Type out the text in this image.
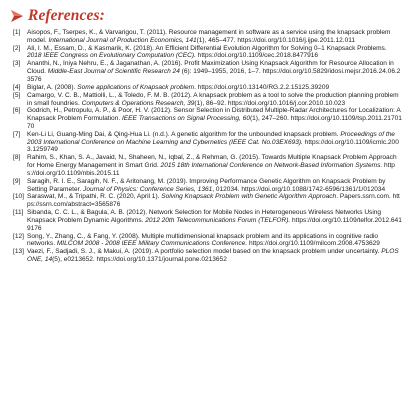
References:
[1]	Aisopos, F., Tserpes, K., & Varvarigou, T. (2011). Resource management in software as a service using the knapsack problem model. International Journal of Production Economics, 141(1), 465–477. https://doi.org/10.1016/j.ijpe.2011.12.011
[2]	Ali, I. M., Essam, D., & Kasmarik, K. (2018). An Efficient Differential Evolution Algorithm for Solving 0–1 Knapsack Problems. 2018 IEEE Congress on Evolutionary Computation (CEC). https://doi.org/10.1109/cec.2018.8477916
[3]	Ananthi, N., Iniya Nehru, E., & Jaganathan, A. (2016). Profit Maximization Using Knapsack Algorithm for Resource Allocation in Cloud. Middle-East Journal of Scientific Research 24 (6): 1949–1955, 2016, 1–7. https://doi.org/10.5829/idosi.mejsr.2016.24.06.23576
[4]	Biglar, A. (2008). Some applications of Knapsack problem. https://doi.org/10.13140/RG.2.2.15125.39209
[5]	Camargo, V. C. B., Mattiolli, L., & Toledo, F. M. B. (2012). A knapsack problem as a tool to solve the production planning problem in small foundries. Computers & Operations Research, 39(1), 86–92. https://doi.org/10.1016/j.cor.2010.10.023
[6]	Godrich, H., Petropulu, A. P., & Poor, H. V. (2012). Sensor Selection in Distributed Multiple-Radar Architectures for Localization: A Knapsack Problem Formulation. IEEE Transactions on Signal Processing, 60(1), 247–260. https://doi.org/10.1109/tsp.2011.2170170
[7]	Ken-Li Li, Guang-Ming Dai, & Qing-Hua Li. (n.d.). A genetic algorithm for the unbounded knapsack problem. Proceedings of the 2003 International Conference on Machine Learning and Cybernetics (IEEE Cat. No.03EX693). https://doi.org/10.1109/icmlc.2003.1259749
[8]	Rahim, S., Khan, S. A., Javaid, N., Shaheen, N., Iqbal, Z., & Rehman, G. (2015). Towards Multiple Knapsack Problem Approach for Home Energy Management in Smart Grid. 2015 18th International Conference on Network-Based Information Systems. https://doi.org/10.1109/nbis.2015.11
[9]	Saragih, R. I. E., Saragih, N. F., & Aritonang, M. (2019). Improving Performance Genetic Algorithm on Knapsack Problem by Setting Parameter. Journal of Physics: Conference Series, 1361, 012034. https://doi.org/10.1088/1742-6596/1361/1/012034
[10] Saraswat, M., & Tripathi, R. C. (2020, April 1). Solving Knapsack Problem with Genetic Algorithm Approach. Papers.ssrn.com. https://ssrn.com/abstract=3565876
[11] Sibanda, C. C. L., & Bagula, A. B. (2012). Network Selection for Mobile Nodes in Heterogeneous Wireless Networks Using Knapsack Problem Dynamic Algorithms. 2012 20th Telecommunications Forum (TELFOR). https://doi.org/10.1109/telfor.2012.6419176
[12] Song, Y., Zhang, C., & Fang, Y. (2008). Multiple multidimensional knapsack problem and its applications in cognitive radio networks. MILCOM 2008 - 2008 IEEE Military Communications Conference. https://doi.org/10.1109/milcom.2008.4753629
[13] Vaezi, F., Sadjadi, S. J., & Makui, A. (2019). A portfolio selection model based on the knapsack problem under uncertainty. PLOS ONE, 14(5), e0213652. https://doi.org/10.1371/journal.pone.0213652
